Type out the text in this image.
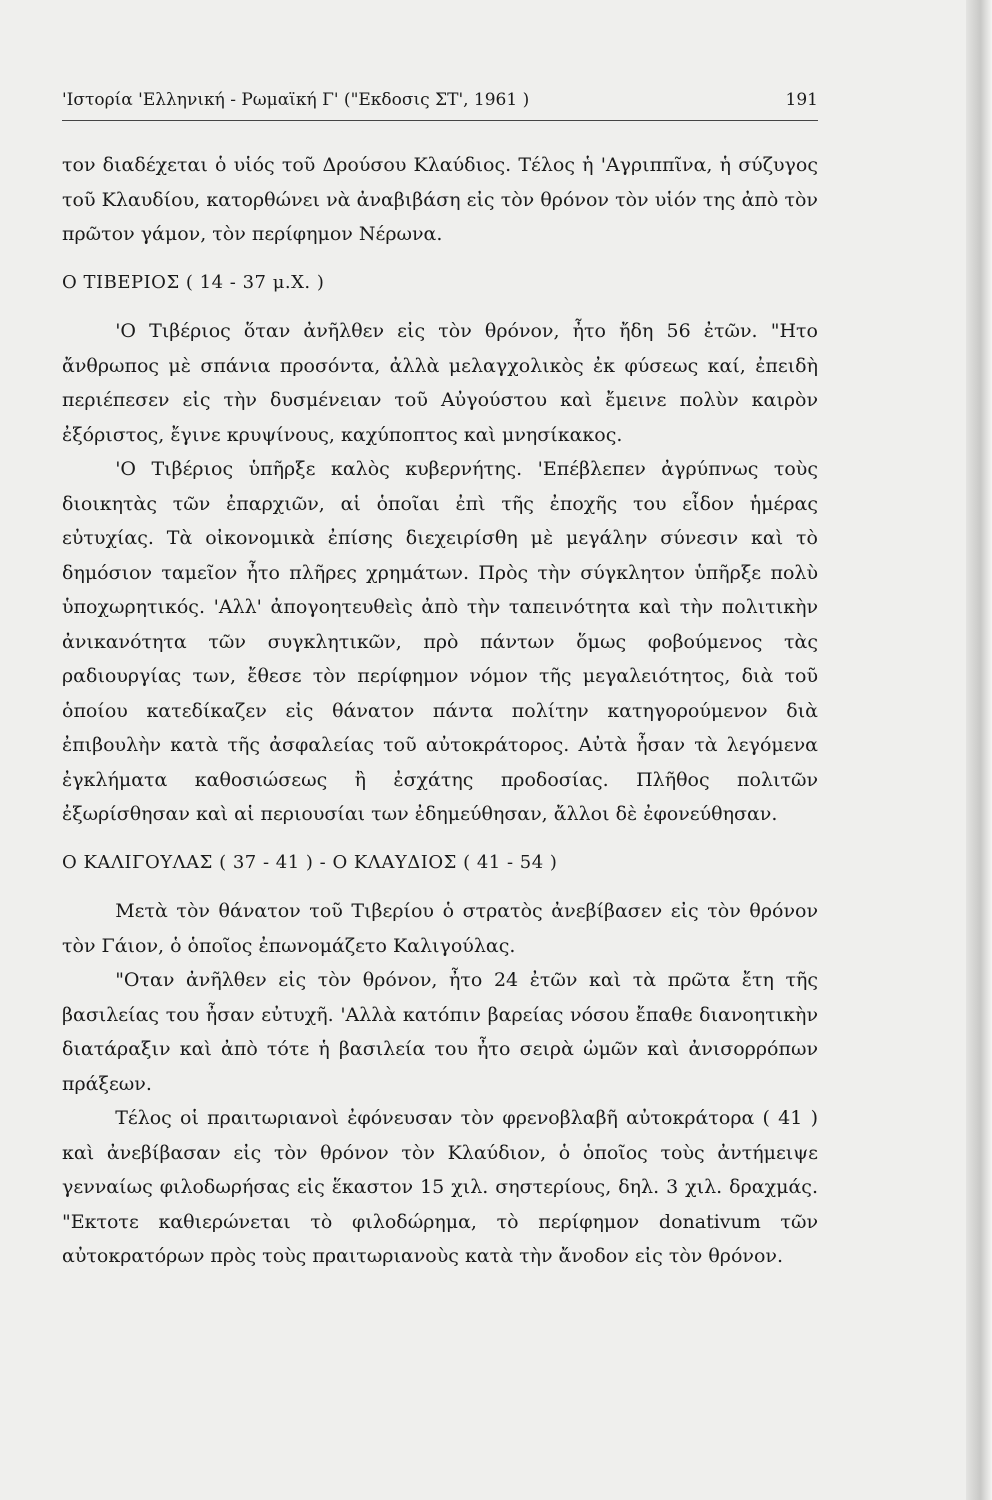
'Ιστορία 'Ελληνική - Ρωμαϊκή Γ' ("Εκδοσις ΣΤ', 1961 )	191

τον διαδέχεται ὁ υἱός τοῦ Δρούσου Κλαύδιος. Τέλος ἡ 'Αγριππῖνα, ἡ σύζυγος τοῦ Κλαυδίου, κατορθώνει νὰ ἀναβιβάση εἰς τὸν θρόνον τὸν υἱόν της ἀπὸ τὸν πρῶτον γάμον, τὸν περίφημον Νέρωνα.

Ο ΤΙΒΕΡΙΟΣ ( 14 - 37 μ.Χ. )

'Ο Τιβέριος ὅταν ἀνῆλθεν εἰς τὸν θρόνον, ἦτο ἤδη 56 ἐτῶν. "Ητο ἄνθρωπος μὲ σπάνια προσόντα, ἀλλὰ μελαγχολικὸς ἐκ φύσεως καί, ἐπειδὴ περιέπεσεν εἰς τὴν δυσμένειαν τοῦ Αὐγούστου καὶ ἔμεινε πολὺν καιρὸν ἐξόριστος, ἔγινε κρυψίνους, καχύποπτος καὶ μνησίκακος.

'Ο Τιβέριος ὑπῆρξε καλὸς κυβερνήτης. 'Επέβλεπεν ἀγρύπνως τοὺς διοικητὰς τῶν ἐπαρχιῶν, αἱ ὁποῖαι ἐπὶ τῆς ἐποχῆς του εἶδον ἡμέρας εὐτυχίας. Τὰ οἰκονομικὰ ἐπίσης διεχειρίσθη μὲ μεγάλην σύνεσιν καὶ τὸ δημόσιον ταμεῖον ἦτο πλῆρες χρημάτων. Πρὸς τὴν σύγκλητον ὑπῆρξε πολὺ ὑποχωρητικός. 'Αλλ' ἀπογοητευθεὶς ἀπὸ τὴν ταπεινότητα καὶ τὴν πολιτικὴν ἀνικανότητα τῶν συγκλητικῶν, πρὸ πάντων ὅμως φοβούμενος τὰς ραδιουργίας των, ἔθεσε τὸν περίφημον νόμον τῆς μεγαλειότητος, διὰ τοῦ ὁποίου κατεδίκαζεν εἰς θάνατον πάντα πολίτην κατηγορούμενον διὰ ἐπιβουλὴν κατὰ τῆς ἀσφαλείας τοῦ αὐτοκράτορος. Αὐτὰ ἦσαν τὰ λεγόμενα ἐγκλήματα καθοσιώσεως ἢ ἐσχάτης προδοσίας. Πλῆθος πολιτῶν ἐξωρίσθησαν καὶ αἱ περιουσίαι των ἐδημεύθησαν, ἄλλοι δὲ ἐφονεύθησαν.

Ο ΚΑΛΙΓΟΥΛΑΣ ( 37 - 41 ) - Ο ΚΛΑΥΔΙΟΣ ( 41 - 54 )

Μετὰ τὸν θάνατον τοῦ Τιβερίου ὁ στρατὸς ἀνεβίβασεν εἰς τὸν θρόνον τὸν Γάιον, ὁ ὁποῖος ἐπωνομάζετο Καλιγούλας.

"Οταν ἀνῆλθεν εἰς τὸν θρόνον, ἦτο 24 ἐτῶν καὶ τὰ πρῶτα ἔτη τῆς βασιλείας του ἦσαν εὐτυχῆ. 'Αλλὰ κατόπιν βαρείας νόσου ἔπαθε διανοητικὴν διατάραξιν καὶ ἀπὸ τότε ἡ βασιλεία του ἦτο σειρὰ ὠμῶν καὶ ἀνισορρόπων πράξεων.

Τέλος οἱ πραιτωριανοὶ ἐφόνευσαν τὸν φρενοβλαβῆ αὐτοκράτορα ( 41 ) καὶ ἀνεβίβασαν εἰς τὸν θρόνον τὸν Κλαύδιον, ὁ ὁποῖος τοὺς ἀντήμειψε γενναίως φιλοδωρήσας εἰς ἕκαστον 15 χιλ. σηστερίους, δηλ. 3 χιλ. δραχμάς. "Εκτοτε καθιερώνεται τὸ φιλοδώρημα, τὸ περίφημον donativum τῶν αὐτοκρατόρων πρὸς τοὺς πραιτωριανοὺς κατὰ τὴν ἄνοδον εἰς τὸν θρόνον.
